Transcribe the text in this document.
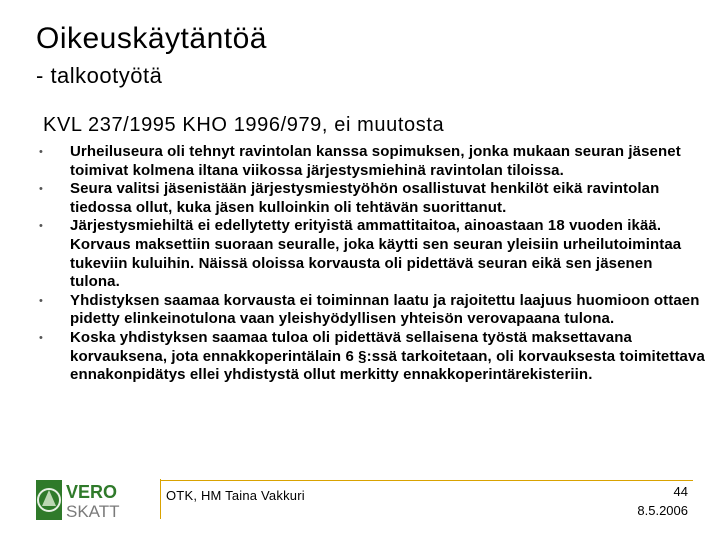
Oikeuskäytäntöä
- talkootyötä
KVL 237/1995 KHO 1996/979, ei muutosta
•	Urheiluseura oli tehnyt ravintolan kanssa sopimuksen, jonka mukaan seuran jäsenet toimivat kolmena iltana viikossa järjestysmiehinä ravintolan tiloissa.
•	Seura valitsi jäsenistään järjestysmiestyöhön osallistuvat henkilöt eikä ravintolan tiedossa ollut, kuka jäsen kulloinkin oli tehtävän suorittanut.
•	Järjestysmiehiltä ei edellytetty erityistä ammattitaitoa, ainoastaan 18 vuoden ikää. Korvaus maksettiin suoraan seuralle, joka käytti sen seuran yleisiin urheilutoimintaa tukeviin kuluihin. Näissä oloissa korvausta oli pidettävä seuran eikä sen jäsenen tulona.
•	Yhdistyksen saamaa korvausta ei toiminnan laatu ja rajoitettu laajuus huomioon ottaen pidetty elinkeinotulona vaan yleishyödyllisen yhteisön verovapaana tulona.
•	Koska yhdistyksen saamaa tuloa oli pidettävä sellaisena työstä maksettavana korvauksena, jota ennakkoperintälain 6 §:ssä tarkoitetaan, oli korvauksesta toimitettava ennakonpidätys ellei yhdistystä ollut merkitty ennakkoperintärekisteriin.
VERO
SKATT
OTK, HM Taina Vakkuri	44
8.5.2006
